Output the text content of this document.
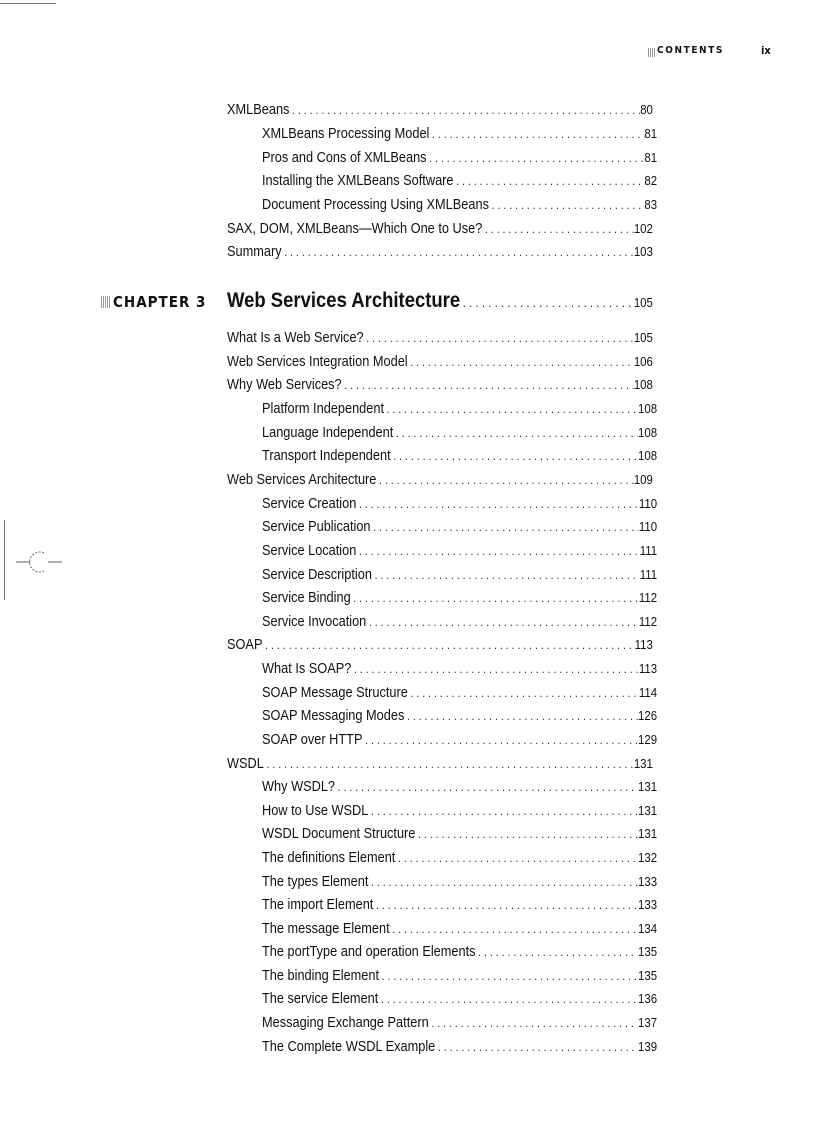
CONTENTS	ix
XMLBeans . . .	80
XMLBeans Processing Model . . .	81
Pros and Cons of XMLBeans . . .	81
Installing the XMLBeans Software . . .	82
Document Processing Using XMLBeans . . .	83
SAX, DOM, XMLBeans—Which One to Use? . . .	102
Summary . . .	103
CHAPTER 3 Web Services Architecture . . .	105
What Is a Web Service? . . .	105
Web Services Integration Model . . .	106
Why Web Services? . . .	108
Platform Independent . . .	108
Language Independent . . .	108
Transport Independent . . .	108
Web Services Architecture . . .	109
Service Creation . . .	110
Service Publication . . .	110
Service Location . . .	111
Service Description . . .	111
Service Binding . . .	112
Service Invocation . . .	112
SOAP . . .	113
What Is SOAP? . . .	113
SOAP Message Structure . . .	114
SOAP Messaging Modes . . .	126
SOAP over HTTP . . .	129
WSDL . . .	131
Why WSDL? . . .	131
How to Use WSDL . . .	131
WSDL Document Structure . . .	131
The definitions Element . . .	132
The types Element . . .	133
The import Element . . .	133
The message Element . . .	134
The portType and operation Elements . . .	135
The binding Element . . .	135
The service Element . . .	136
Messaging Exchange Pattern . . .	137
The Complete WSDL Example . . .	139
